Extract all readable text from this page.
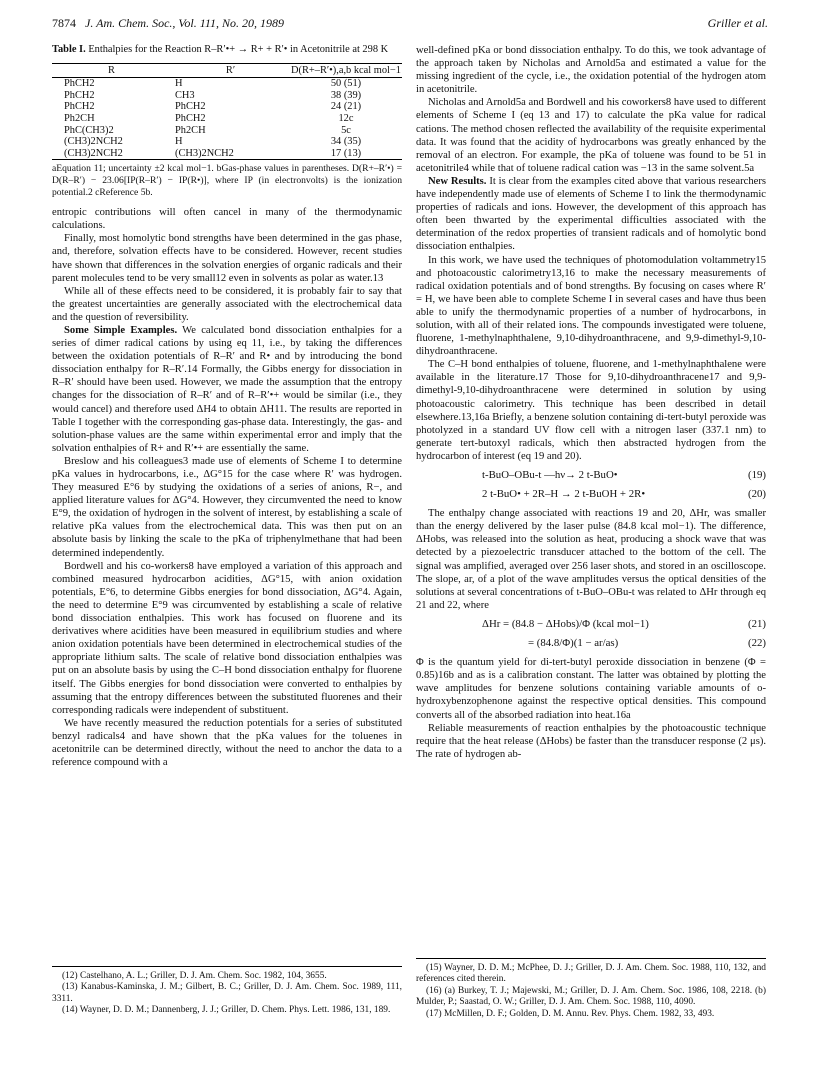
7874 J. Am. Chem. Soc., Vol. 111, No. 20, 1989	Griller et al.

Table I. Enthalpies for the Reaction R–R′•+ → R+ + R′• in Acetonitrile at 298 K

R	R′	D(R+–R′•),a,b kcal mol−1
PhCH2	H	50 (51)
PhCH2	CH3	38 (39)
PhCH2	PhCH2	24 (21)
Ph2CH	PhCH2	12c
PhC(CH3)2	Ph2CH	5c
(CH3)2NCH2	H	34 (35)
(CH3)2NCH2	(CH3)2NCH2	17 (13)
aEquation 11; uncertainty ±2 kcal mol−1. bGas-phase values in parentheses. D(R+–R′•) = D(R–R′) − 23.06[IP(R–R′) − IP(R•)], where IP (in electronvolts) is the ionization potential.2 cReference 5b.

entropic contributions will often cancel in many of the thermodynamic calculations.

Finally, most homolytic bond strengths have been determined in the gas phase, and, therefore, solvation effects have to be considered. However, recent studies have shown that differences in the solvation energies of organic radicals and their parent molecules tend to be very small12 even in solvents as polar as water.13

While all of these effects need to be considered, it is probably fair to say that the greatest uncertainties are generally associated with the electrochemical data and the question of reversibility.

Some Simple Examples. We calculated bond dissociation enthalpies for a series of dimer radical cations by using eq 11, i.e., by taking the differences between the oxidation potentials of R–R′ and R• and by introducing the bond dissociation enthalpy for R–R′.14 Formally, the Gibbs energy for dissociation in R–R′ should have been used. However, we made the assumption that the entropy changes for the dissociation of R–R′ and of R–R′•+ would be similar (i.e., they would cancel) and therefore used ΔH4 to obtain ΔH11. The results are reported in Table I together with the corresponding gas-phase data. Interestingly, the gas- and solution-phase values are the same within experimental error and imply that the solvation enthalpies of R+ and R′•+ are essentially the same.

Breslow and his colleagues3 made use of elements of Scheme I to determine pKa values in hydrocarbons, i.e., ΔG°15 for the case where R′ was hydrogen. They measured E°6 by studying the oxidations of a series of anions, R−, and applied literature values for ΔG°4. However, they circumvented the need to know E°9, the oxidation of hydrogen in the solvent of interest, by establishing a scale of relative pKa values from the electrochemical data. This was then put on an absolute basis by linking the scale to the pKa of triphenylmethane that had been determined independently.

Bordwell and his co-workers8 have employed a variation of this approach and combined measured hydrocarbon acidities, ΔG°15, with anion oxidation potentials, E°6, to determine Gibbs energies for bond dissociation, ΔG°4. Again, the need to determine E°9 was circumvented by establishing a scale of relative bond dissociation enthalpies. This work has focused on fluorene and its derivatives where acidities have been measured in equilibrium studies and where anion oxidation potentials have been determined in electrochemical studies of the appropriate lithium salts. The scale of relative bond dissociation enthalpies was put on an absolute basis by using the C–H bond dissociation enthalpy for fluorene itself. The Gibbs energies for bond dissociation were converted to enthalpies by assuming that the entropy differences between the substituted fluorenes and their corresponding radicals were independent of substituent.

We have recently measured the reduction potentials for a series of substituted benzyl radicals4 and have shown that the pKa values for the toluenes in acetonitrile can be determined directly, without the need to anchor the data to a reference compound with a

well-defined pKa or bond dissociation enthalpy. To do this, we took advantage of the approach taken by Nicholas and Arnold5a and estimated a value for the missing ingredient of the cycle, i.e., the oxidation potential of the hydrogen atom in acetonitrile.

Nicholas and Arnold5a and Bordwell and his coworkers8 have used to different elements of Scheme I (eq 13 and 17) to calculate the pKa value for radical cations. The method chosen reflected the availability of the requisite experimental data. It was found that the acidity of hydrocarbons was greatly enhanced by the removal of an electron. For example, the pKa of toluene was found to be 51 in acetonitrile4 while that of toluene radical cation was −13 in the same solvent.5a

New Results. It is clear from the examples cited above that various researchers have independently made use of elements of Scheme I to link the thermodynamic properties of radicals and ions. However, the development of this approach has often been thwarted by the experimental difficulties associated with the determination of the redox properties of transient radicals and of homolytic bond dissociation enthalpies.

In this work, we have used the techniques of photomodulation voltammetry15 and photoacoustic calorimetry13,16 to make the necessary measurements of radical oxidation potentials and of bond strengths. By focusing on cases where R′ = H, we have been able to complete Scheme I in several cases and have thus been able to unify the thermodynamic properties of a number of hydrocarbons, in solution, with all of their related ions. The compounds investigated were toluene, fluorene, 1-methylnaphthalene, 9,10-dihydroanthracene, and 9,9-dimethyl-9,10-dihydroanthracene.

The C–H bond enthalpies of toluene, fluorene, and 1-methylnaphthalene were available in the literature.17 Those for 9,10-dihydroanthracene17 and 9,9-dimethyl-9,10-dihydroanthracene were determined in solution by using photoacoustic calorimetry. This technique has been described in detail elsewhere.13,16a Briefly, a benzene solution containing di-tert-butyl peroxide was photolyzed in a standard UV flow cell with a nitrogen laser (337.1 nm) to generate tert-butoxyl radicals, which then abstracted hydrogen from the hydrocarbon of interest (eq 19 and 20).

t-BuO–OBu-t —hν→ 2 t-BuO•	(19)
2 t-BuO• + 2R–H → 2 t-BuOH + 2R•	(20)

The enthalpy change associated with reactions 19 and 20, ΔHr, was smaller than the energy delivered by the laser pulse (84.8 kcal mol−1). The difference, ΔHobs, was released into the solution as heat, producing a shock wave that was detected by a piezoelectric transducer attached to the bottom of the cell. The signal was amplified, averaged over 256 laser shots, and stored in an oscilloscope. The slope, ar, of a plot of the wave amplitudes versus the optical densities of the solutions at several concentrations of t-BuO–OBu-t was related to ΔHr through eq 21 and 22, where

ΔHr = (84.8 − ΔHobs)/Φ (kcal mol−1)	(21)
= (84.8/Φ)(1 − ar/as)	(22)

Φ is the quantum yield for di-tert-butyl peroxide dissociation in benzene (Φ = 0.85)16b and as is a calibration constant. The latter was obtained by plotting the wave amplitudes for benzene solutions containing variable amounts of o-hydroxybenzophenone against the respective optical densities. This compound converts all of the absorbed radiation into heat.16a

Reliable measurements of reaction enthalpies by the photoacoustic technique require that the heat release (ΔHobs) be faster than the transducer response (2 μs). The rate of hydrogen ab-

(12) Castelhano, A. L.; Griller, D. J. Am. Chem. Soc. 1982, 104, 3655.
(13) Kanabus-Kaminska, J. M.; Gilbert, B. C.; Griller, D. J. Am. Chem. Soc. 1989, 111, 3311.
(14) Wayner, D. D. M.; Dannenberg, J. J.; Griller, D. Chem. Phys. Lett. 1986, 131, 189.
(15) Wayner, D. D. M.; McPhee, D. J.; Griller, D. J. Am. Chem. Soc. 1988, 110, 132, and references cited therein.
(16) (a) Burkey, T. J.; Majewski, M.; Griller, D. J. Am. Chem. Soc. 1986, 108, 2218. (b) Mulder, P.; Saastad, O. W.; Griller, D. J. Am. Chem. Soc. 1988, 110, 4090.
(17) McMillen, D. F.; Golden, D. M. Annu. Rev. Phys. Chem. 1982, 33, 493.
